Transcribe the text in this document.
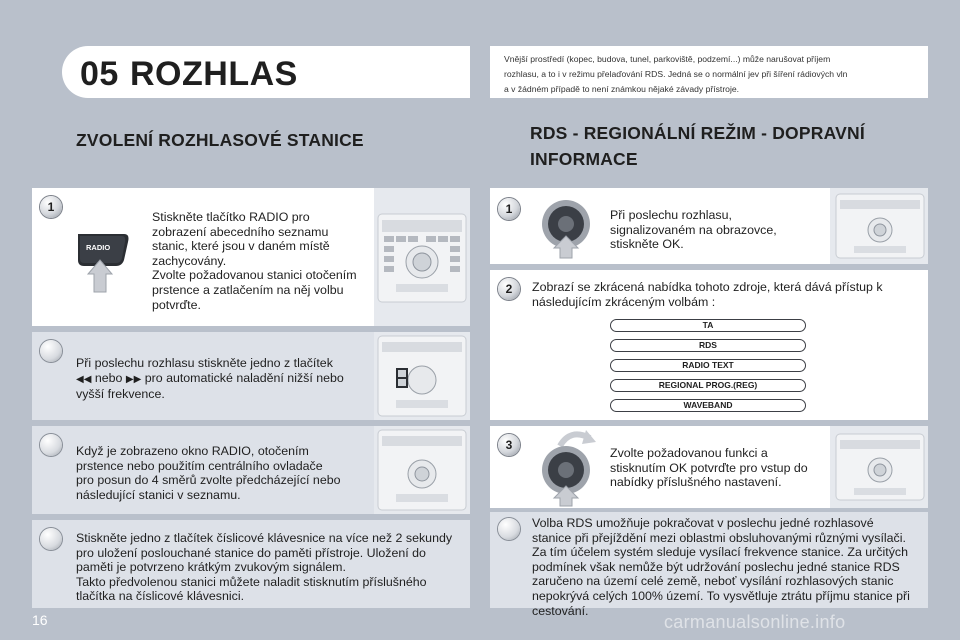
05 ROZHLAS	Vnější prostředí (kopec, budova, tunel, parkoviště, podzemí...) může narušovat příjem
rozhlasu, a to i v režimu přelaďování RDS. Jedná se o normální jev při šíření rádiových vln
a v žádném případě to není známkou nějaké závady přístroje.
ZVOLENÍ ROZHLASOVÉ STANICE
1
RADIO
Stiskněte tlačítko RADIO pro
zobrazení abecedního seznamu
stanic, které jsou v daném místě
zachycovány.
Zvolte požadovanou stanici otočením
prstence a zatlačením na něj volbu
potvrďte.
Při poslechu rozhlasu stiskněte jedno z tlačítek
◀◀ nebo ▶▶ pro automatické naladění nižší nebo
vyšší frekvence.
Když je zobrazeno okno RADIO, otočením
prstence nebo použitím centrálního ovladače
pro posun do 4 směrů zvolte předcházející nebo
následující stanici v seznamu.
Stiskněte jedno z tlačítek číslicové klávesnice na více než 2 sekundy
pro uložení poslouchané stanice do paměti přístroje. Uložení do
paměti je potvrzeno krátkým zvukovým signálem.
Takto předvolenou stanici můžete naladit stisknutím příslušného
tlačítka na číslicové klávesnici.
RDS - REGIONÁLNÍ REŽIM - DOPRAVNÍ
INFORMACE
1	Při poslechu rozhlasu,
signalizovaném na obrazovce,
stiskněte OK.
2	Zobrazí se zkrácená nabídka tohoto zdroje, která dává přístup k
následujícím zkráceným volbám :
TA
RDS
RADIO TEXT
REGIONAL PROG.(REG)
WAVEBAND
3
Zvolte požadovanou funkci a
stisknutím OK potvrďte pro vstup do
nabídky příslušného nastavení.
Volba RDS umožňuje pokračovat v poslechu jedné rozhlasové
stanice při přejíždění mezi oblastmi obsluhovanými různými vysílači.
Za tím účelem systém sleduje vysílací frekvence stanice. Za určitých
podmínek však nemůže být udržování poslechu jedné stanice RDS
zaručeno na území celé země, neboť vysílání rozhlasových stanic
nepokrývá celých 100% území. To vysvětluje ztrátu příjmu stanice při
cestování.
16	carmanualsonline.info
